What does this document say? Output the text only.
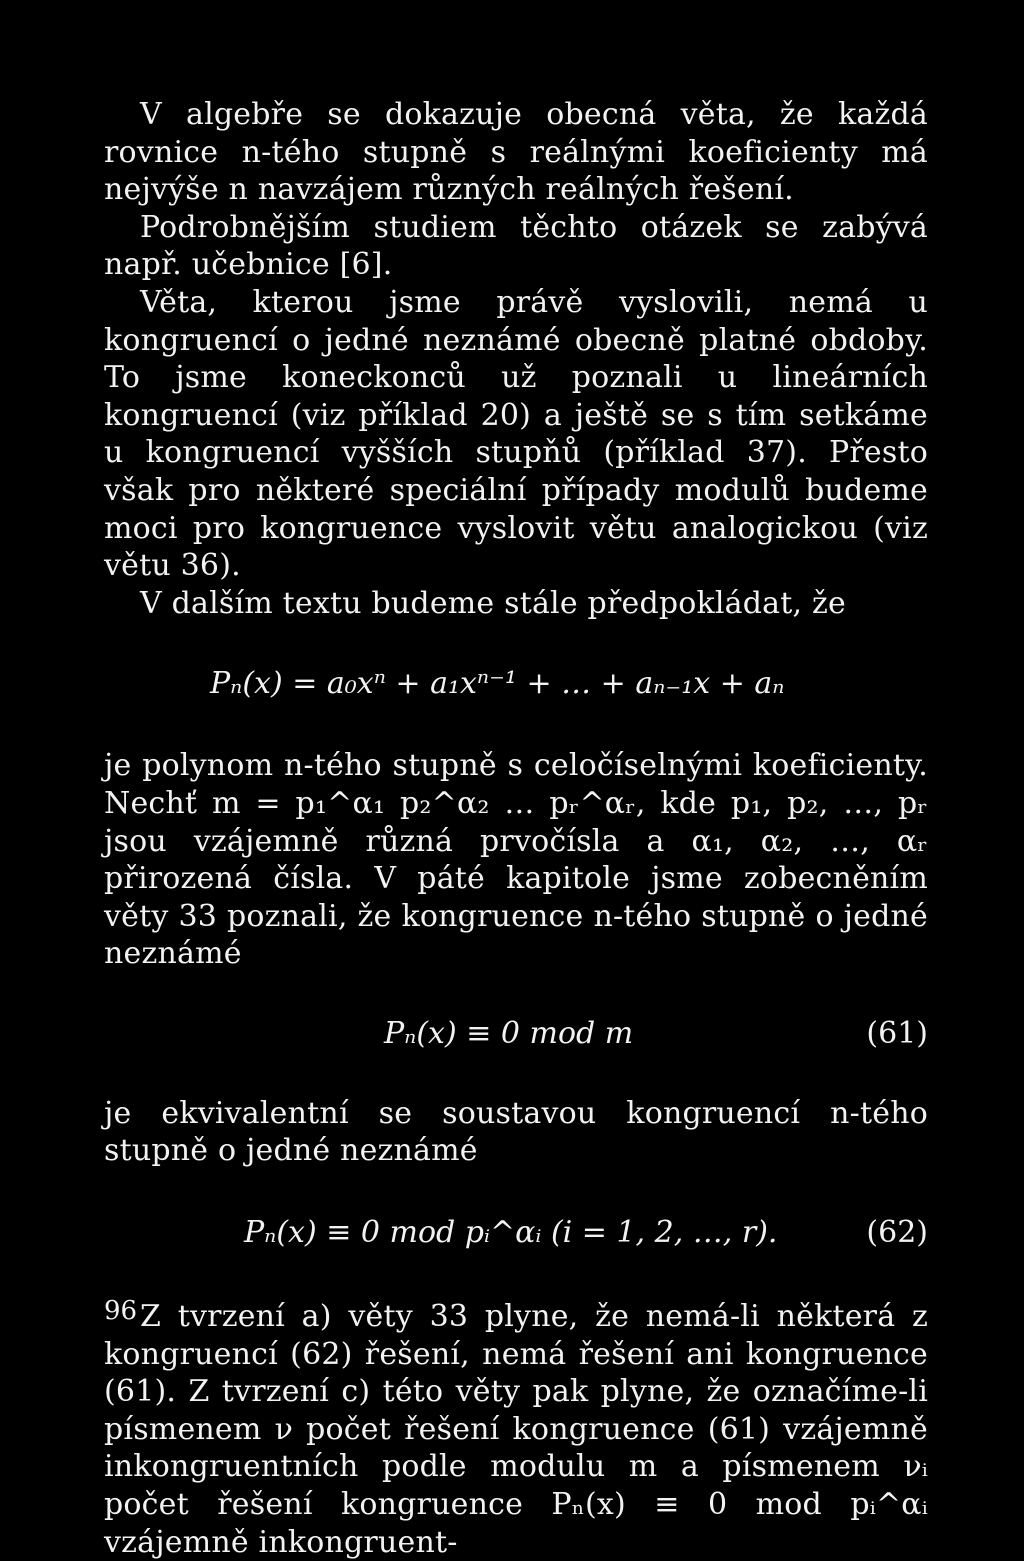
V algebře se dokazuje obecná věta, že každá rovnice n-tého stupně s reálnými koeficienty má nejvýše n navzájem různých reálných řešení.

Podrobnějším studiem těchto otázek se zabývá např. učebnice [6].

Věta, kterou jsme právě vyslovili, nemá u kongruencí o jedné neznámé obecně platné obdoby. To jsme koneckonců už poznali u lineárních kongruencí (viz příklad 20) a ještě se s tím setkáme u kongruencí vyšších stupňů (příklad 37). Přesto však pro některé speciální případy modulů budeme moci pro kongruence vyslovit větu analogickou (viz větu 36).

V dalším textu budeme stále předpokládat, že

Pₙ(x) = a₀xⁿ + a₁xⁿ⁻¹ + … + aₙ₋₁x + aₙ

je polynom n-tého stupně s celočíselnými koeficienty. Nechť m = p₁^α₁ p₂^α₂ … pᵣ^αᵣ, kde p₁, p₂, …, pᵣ jsou vzájemně různá prvočísla a α₁, α₂, …, αᵣ přirozená čísla. V páté kapitole jsme zobecněním věty 33 poznali, že kongruence n-tého stupně o jedné neznámé

Pₙ(x) ≡ 0 mod m	(61)

je ekvivalentní se soustavou kongruencí n-tého stupně o jedné neznámé

Pₙ(x) ≡ 0 mod pᵢ^αᵢ (i = 1, 2, …, r).	(62)

Z tvrzení a) věty 33 plyne, že nemá-li některá z kongruencí (62) řešení, nemá řešení ani kongruence (61). Z tvrzení c) této věty pak plyne, že označíme-li písmenem ν počet řešení kongruence (61) vzájemně inkongruentních podle modulu m a písmenem νᵢ počet řešení kongruence Pₙ(x) ≡ 0 mod pᵢ^αᵢ vzájemně inkongruent-

96
